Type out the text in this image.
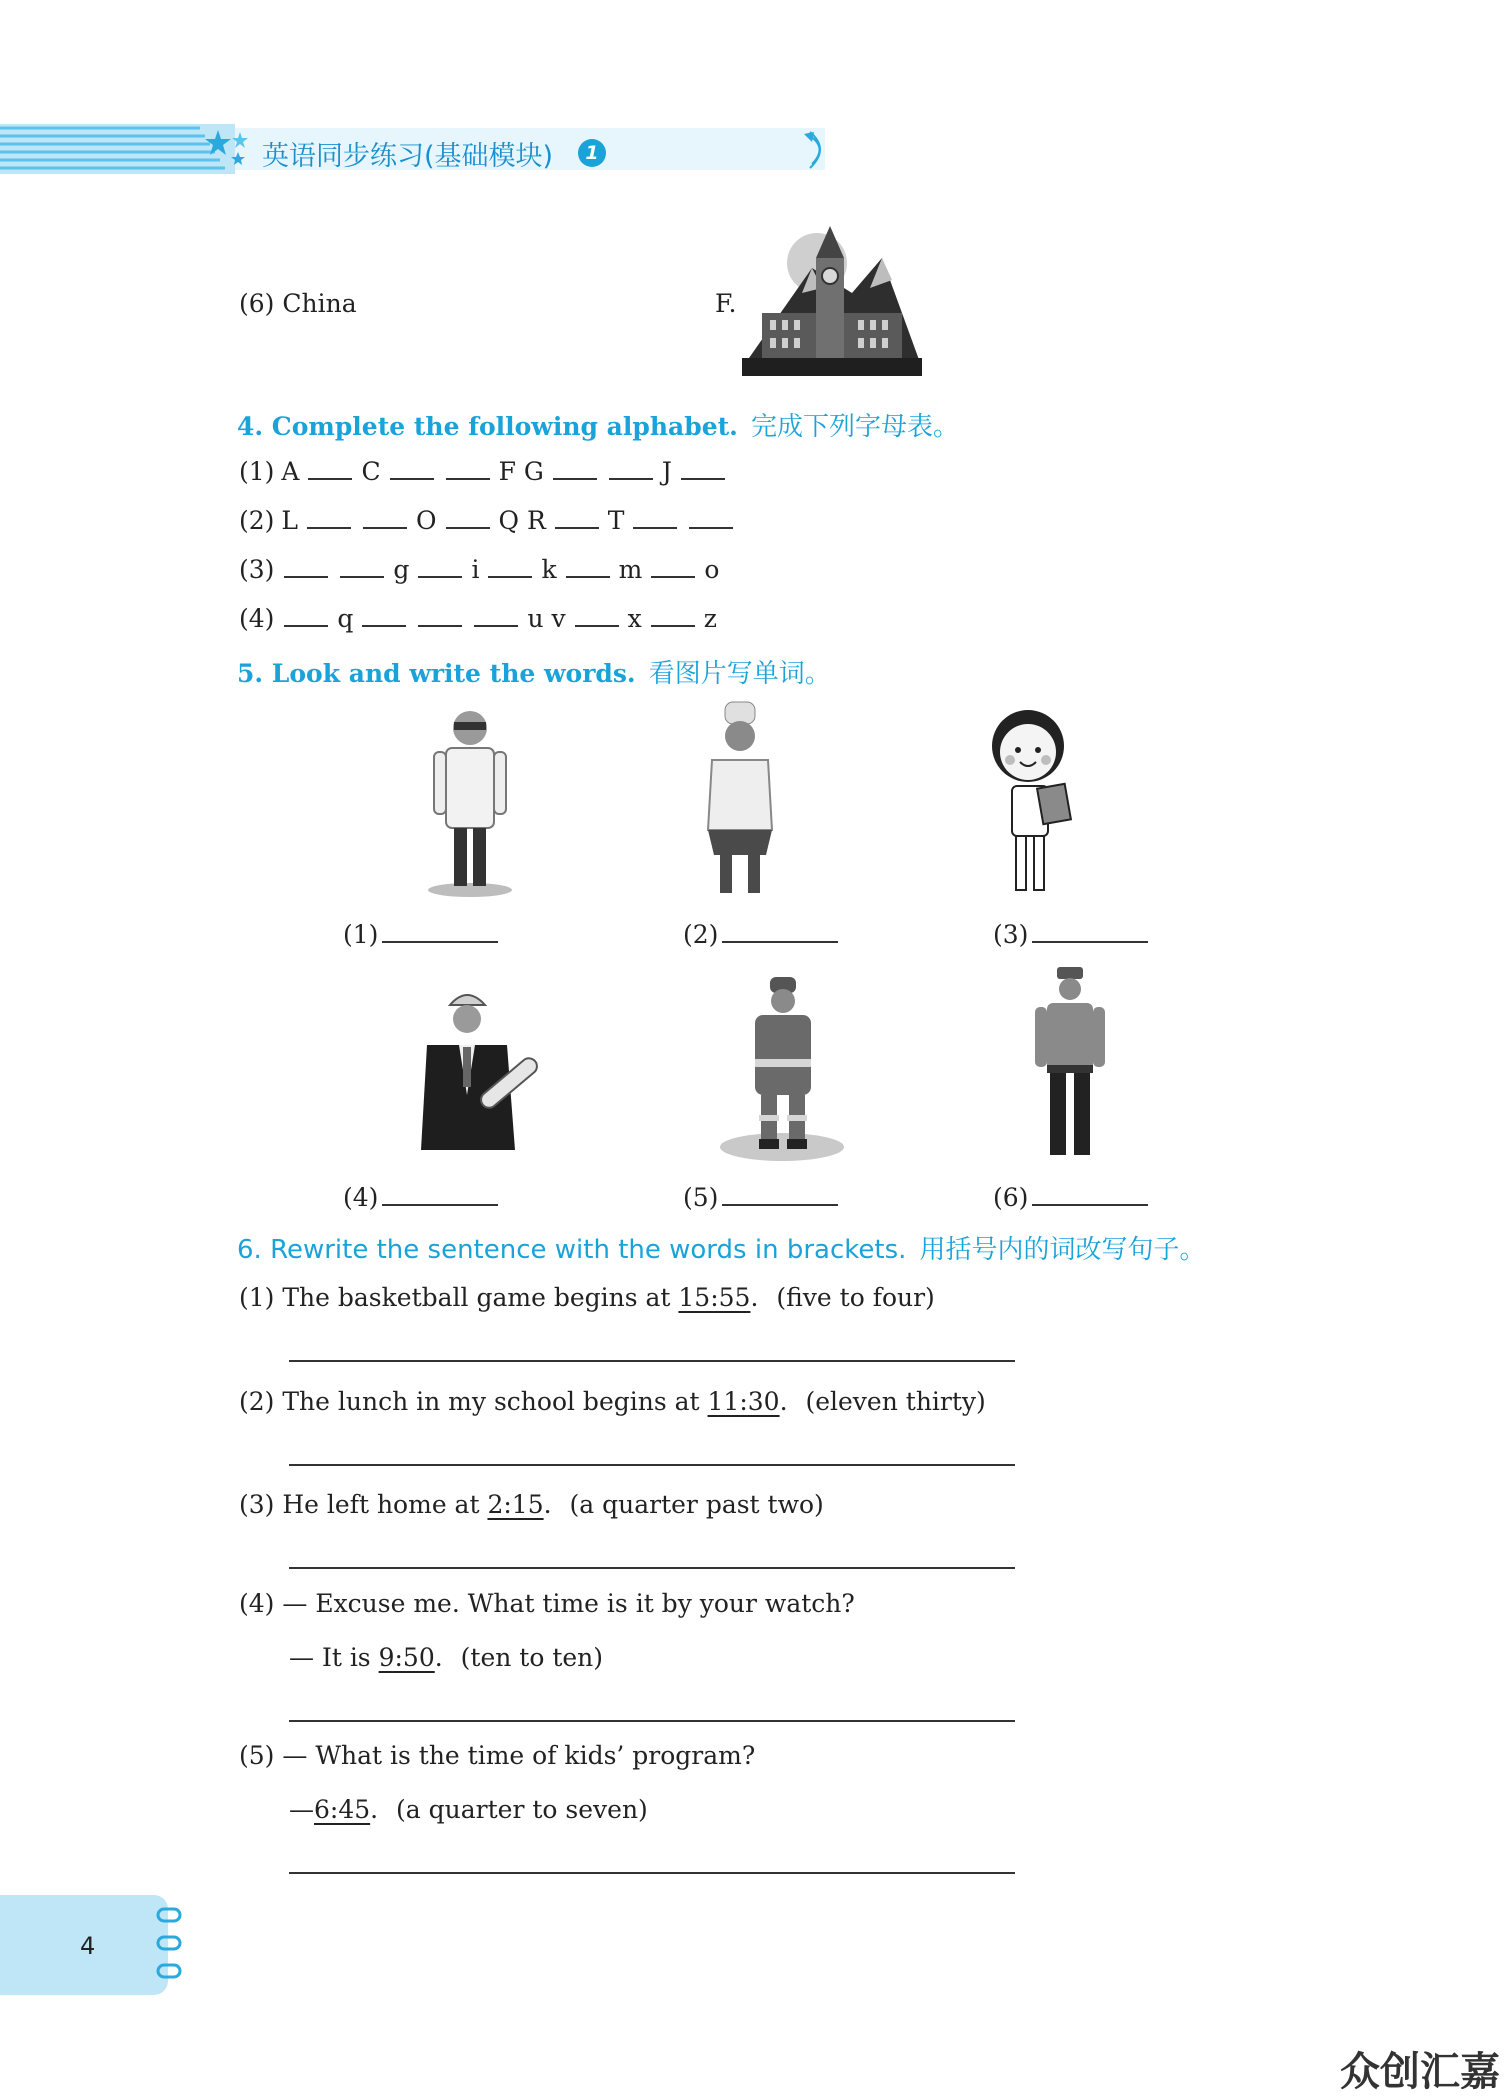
英语同步练习(基础模块)	1
(6) China	F.
4. Complete the following alphabet. 完成下列字母表。
(1) A C	F G	J
(2) L	O Q R T
(3)	g i k m o
(4)	q	u v x z
5. Look and write the words. 看图片写单词。
(1)	(2)	(3)
(4)	(5)	(6)
6. Rewrite the sentence with the words in brackets. 用括号内的词改写句子。
(1) The basketball game begins at 15:55. (five to four)
(2) The lunch in my school begins at 11:30. (eleven thirty)
(3) He left home at 2:15. (a quarter past two)
(4) — Excuse me. What time is it by your watch?
— It is 9:50. (ten to ten)
(5) — What is the time of kids’ program?
—6:45. (a quarter to seven)
4
众创汇嘉
